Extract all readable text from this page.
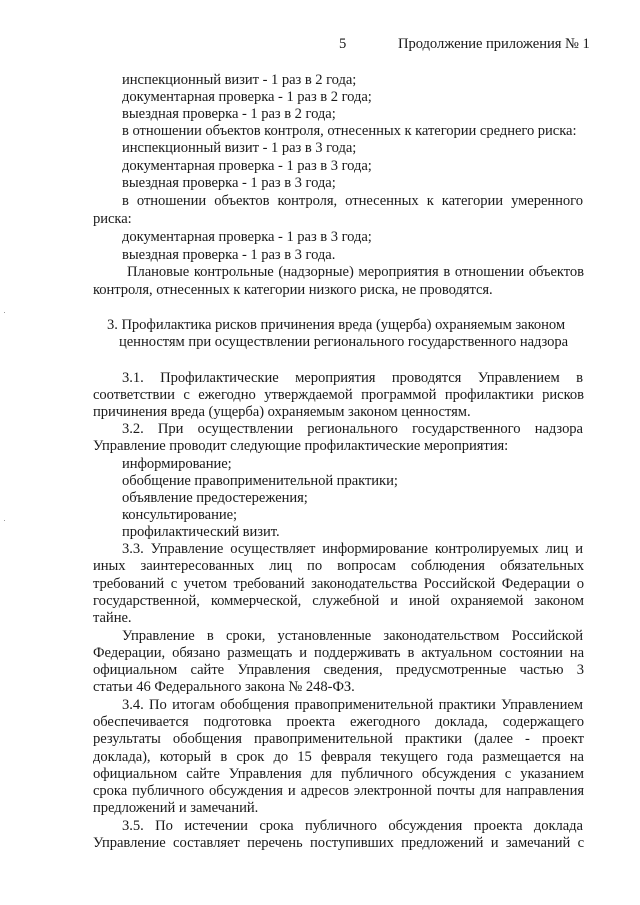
5	Продолжение приложения № 1
инспекционный визит - 1 раз в 2 года;
документарная проверка - 1 раз в 2 года;
выездная проверка - 1 раз в 2 года;
в отношении объектов контроля, отнесенных к категории среднего риска:
инспекционный визит - 1 раз в 3 года;
документарная проверка - 1 раз в 3 года;
выездная проверка - 1 раз в 3 года;
в отношении объектов контроля, отнесенных к категории умеренного
риска:
документарная проверка - 1 раз в 3 года;
выездная проверка - 1 раз в 3 года.
Плановые контрольные (надзорные) мероприятия в отношении объектов
контроля, отнесенных к категории низкого риска, не проводятся.
3. Профилактика рисков причинения вреда (ущерба) охраняемым законом
ценностям при осуществлении регионального государственного надзора
3.1. Профилактические мероприятия проводятся Управлением в
соответствии с ежегодно утверждаемой программой профилактики рисков
причинения вреда (ущерба) охраняемым законом ценностям.
3.2. При осуществлении регионального государственного надзора
Управление проводит следующие профилактические мероприятия:
информирование;
обобщение правоприменительной практики;
объявление предостережения;
консультирование;
профилактический визит.
3.3. Управление осуществляет информирование контролируемых лиц и
иных заинтересованных лиц по вопросам соблюдения обязательных
требований с учетом требований законодательства Российской Федерации о
государственной, коммерческой, служебной и иной охраняемой законом
тайне.
Управление в сроки, установленные законодательством Российской
Федерации, обязано размещать и поддерживать в актуальном состоянии на
официальном сайте Управления сведения, предусмотренные частью 3
статьи 46 Федерального закона № 248-ФЗ.
3.4. По итогам обобщения правоприменительной практики Управлением
обеспечивается подготовка проекта ежегодного доклада, содержащего
результаты обобщения правоприменительной практики (далее - проект
доклада), который в срок до 15 февраля текущего года размещается на
официальном сайте Управления для публичного обсуждения с указанием
срока публичного обсуждения и адресов электронной почты для направления
предложений и замечаний.
3.5. По истечении срока публичного обсуждения проекта доклада
Управление составляет перечень поступивших предложений и замечаний с
